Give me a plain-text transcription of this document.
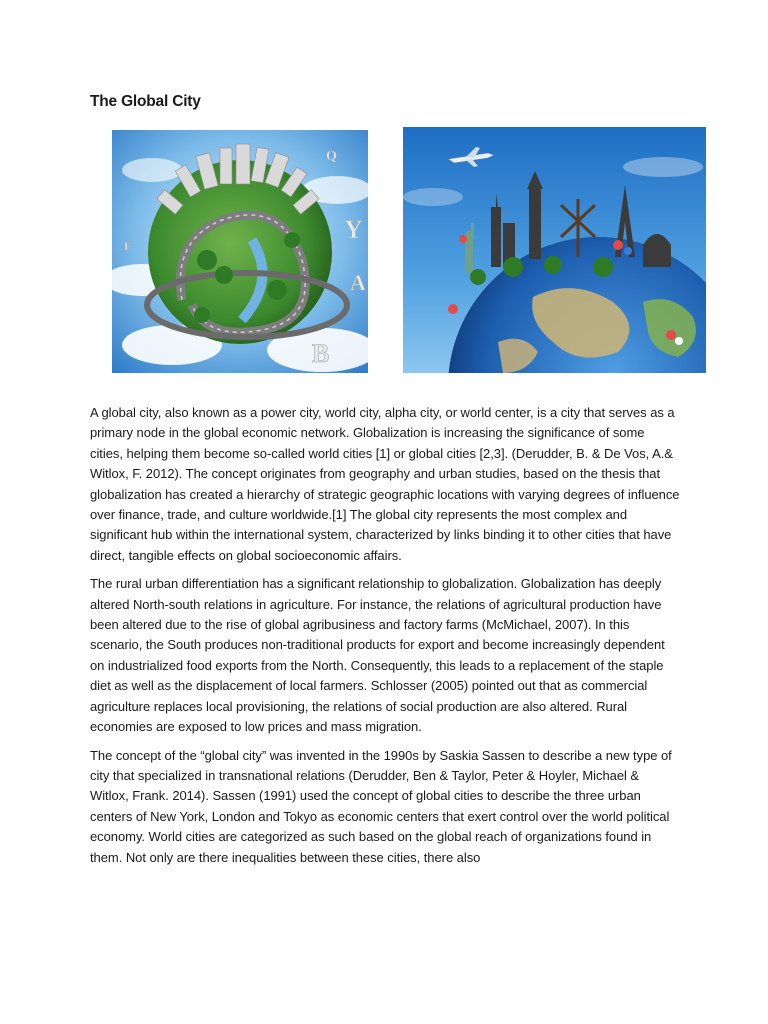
The Global City
Y
A
B
Q
F

A global city, also known as a power city, world city, alpha city, or world center, is a city that serves as a primary node in the global economic network. Globalization is increasing the significance of some cities, helping them become so-called world cities [1] or global cities [2,3]. (Derudder, B. & De Vos, A.& Witlox, F. 2012). The concept originates from geography and urban studies, based on the thesis that globalization has created a hierarchy of strategic geographic locations with varying degrees of influence over finance, trade, and culture worldwide.[1] The global city represents the most complex and significant hub within the international system, characterized by links binding it to other cities that have direct, tangible effects on global socioeconomic affairs.

The rural urban differentiation has a significant relationship to globalization. Globalization has deeply altered North-south relations in agriculture. For instance, the relations of agricultural production have been altered due to the rise of global agribusiness and factory farms (McMichael, 2007). In this scenario, the South produces non-traditional products for export and become increasingly dependent on industrialized food exports from the North. Consequently, this leads to a replacement of the staple diet as well as the displacement of local farmers. Schlosser (2005) pointed out that as commercial agriculture replaces local provisioning, the relations of social production are also altered. Rural economies are exposed to low prices and mass migration.

The concept of the “global city” was invented in the 1990s by Saskia Sassen to describe a new type of city that specialized in transnational relations (Derudder, Ben & Taylor, Peter & Hoyler, Michael & Witlox, Frank. 2014). Sassen (1991) used the concept of global cities to describe the three urban centers of New York, London and Tokyo as economic centers that exert control over the world political economy. World cities are categorized as such based on the global reach of organizations found in them. Not only are there inequalities between these cities, there also
